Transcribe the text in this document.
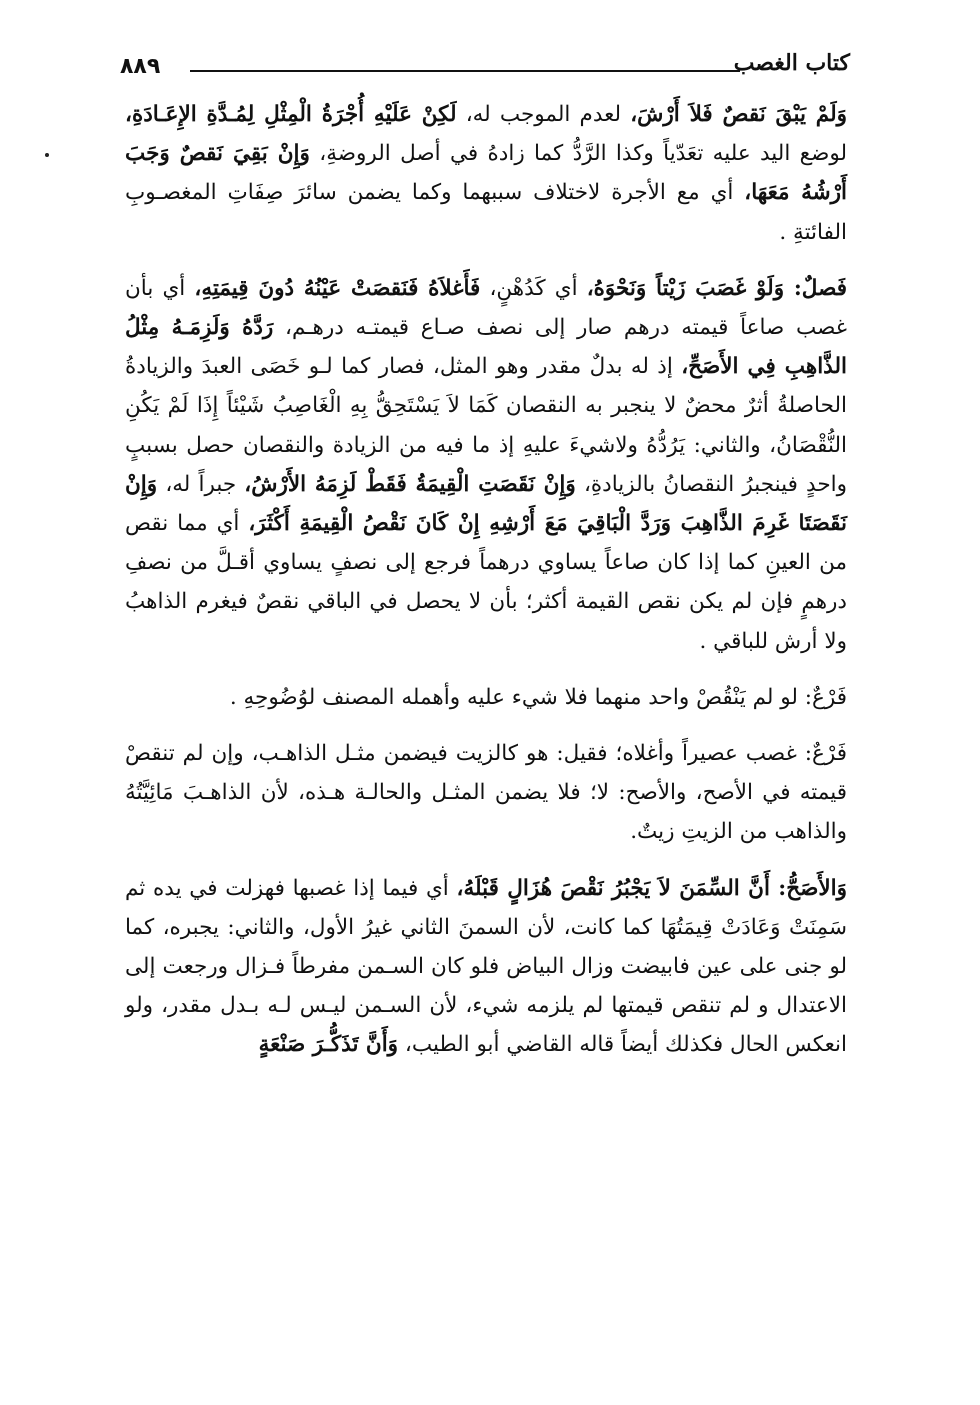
٨٨٩	كتاب الغصب

وَلَمْ يَبْقَ نَقصٌ فَلاَ أَرْشَ، لعدم الموجب له، لَكِنْ عَلَيْهِ أُجْرَةُ الْمِثْلِ لِمُـدَّةِ الإِعَـادَةِ، لوضع اليد عليه تعَدّياً وكذا الرَّدُّ كما زادهُ في أصل الروضةِ، وَإِنْ بَقِيَ نَقصٌ وَجَبَ أَرْشُهُ مَعَهَا، أي مع الأجرة لاختلاف سببهما وكما يضمن سائرَ صِفَاتِ المغصـوبِ الفائتةِ .

فَصلٌ: وَلَوْ غَصَبَ زَيْتاً وَنَحْوَهُ، أي كَدُهْنٍ، فَأَغلاَهُ فَنَقصَتْ عَيْنُهُ دُونَ قِيمَتِهِ، أي بأن غصب صاعاً قيمته درهم صار إلى نصف صـاع قيمتـه درهـم، رَدَّهُ وَلَزِمَـهُ مِثْلُ الذَّاهِبِ فِي الأَصَحِّ، إذ له بدلٌ مقدر وهو المثل، فصار كما لـو خَصَى العبدَ والزيادةُ الحاصلةُ أثرٌ محضٌ لا ينجبر به النقصان كَمَا لاَ يَسْتَحِقُّ بِهِ الْغَاصِبُ شَيْئاً إِذَا لَمْ يَكُنِ النُّقْصَانُ، والثاني: يَرُدُّهُ ولاشيءَ عليهِ إذ ما فيه من الزيادة والنقصان حصل بسببٍ واحدٍ فينجبرُ النقصانُ بالزيادةِ، وَإِنْ نَقَصَتِ الْقِيمَةُ فَقَطْ لَزِمَهُ الأَرْشُ، جبراً له، وَإِنْ نَقَصَتَا غَرِمَ الذَّاهِبَ وَرَدَّ الْبَاقِيَ مَعَ أَرْشِهِ إِنْ كَانَ نَقْصُ الْقِيمَةِ أَكْثَرَ، أي مما نقص من العينِ كما إذا كان صاعاً يساوي درهماً فرجع إلى نصفٍ يساوي أقـلَّ من نصفِ درهمٍ فإن لم يكن نقص القيمة أكثر؛ بأن لا يحصل في الباقي نقصٌ فيغرم الذاهبُ ولا أرش للباقي .

فَرْعٌ: لو لم يَنْقُصْ واحد منهما فلا شيء عليه وأهمله المصنف لوُضُوحِهِ .

فَرْعٌ: غصب عصيراً وأغلاه؛ فقيل: هو كالزيت فيضمن مثـل الذاهـب، وإن لم تنقصْ قيمته في الأصح، والأصح: لا؛ فلا يضمن المثـل والحالـة هـذه، لأن الذاهـبَ مَائِيَّتُهُ والذاهب من الزيتِ زيتٌ.

وَالأَصَحُّ: أَنَّ السِّمَنَ لاَ يَجْبُرُ نَقْصَ هُزَالٍ قَبْلَهُ، أي فيما إذا غصبها فهزلت في يده ثم سَمِنَتْ وَعَادَتْ قِيمَتُهَا كما كانت، لأن السمنَ الثاني غيرُ الأول، والثاني: يجبره، كما لو جنى على عين فابيضت وزال البياض فلو كان السـمن مفرطاً فـزال ورجعت إلى الاعتدال و لم تنقص قيمتها لم يلزمه شيء، لأن السـمن ليـس لـه بـدل مقدر، ولو انعكس الحال فكذلك أيضاً قاله القاضي أبو الطيب، وَأَنَّ تَذَكُّـرَ صَنْعَةٍ
